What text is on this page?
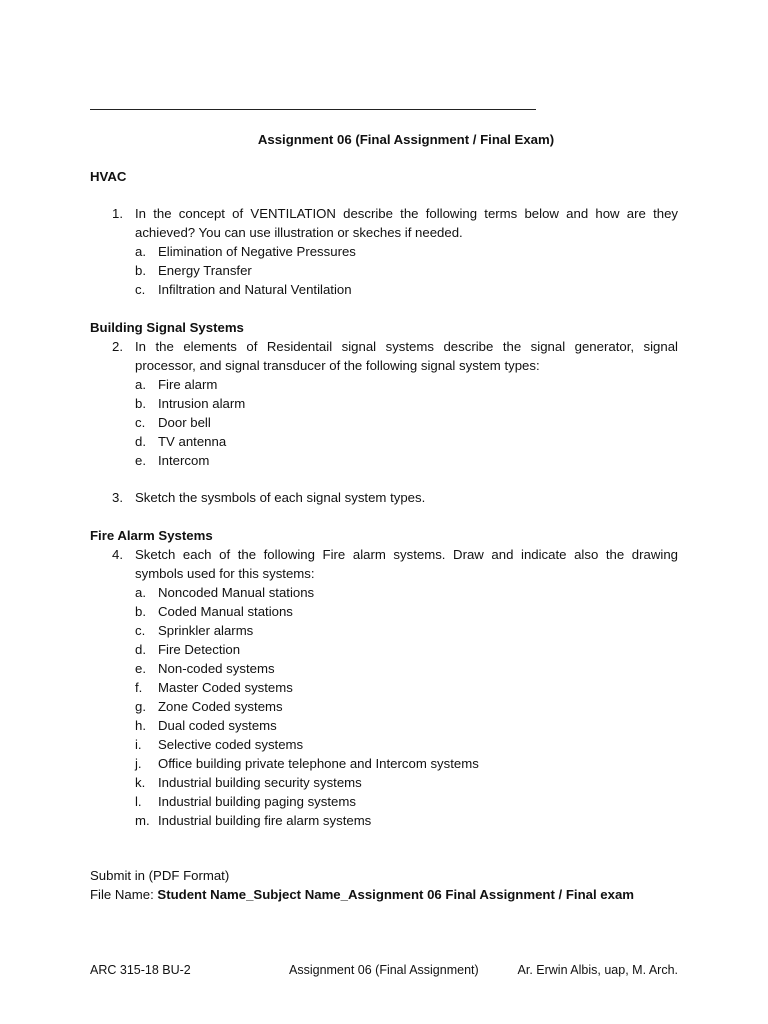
Assignment 06 (Final Assignment / Final Exam)
HVAC
1. In the concept of VENTILATION describe the following terms below and how are they achieved? You can use illustration or skeches if needed.
a. Elimination of Negative Pressures
b. Energy Transfer
c. Infiltration and Natural Ventilation
Building Signal Systems
2. In the elements of Residentail signal systems describe the signal generator, signal processor, and signal transducer of the following signal system types:
a. Fire alarm
b. Intrusion alarm
c. Door bell
d. TV antenna
e. Intercom
3. Sketch the sysmbols of each signal system types.
Fire Alarm Systems
4. Sketch each of the following Fire alarm systems. Draw and indicate also the drawing symbols used for this systems:
a. Noncoded Manual stations
b. Coded Manual stations
c. Sprinkler alarms
d. Fire Detection
e. Non-coded systems
f. Master Coded systems
g. Zone Coded systems
h. Dual coded systems
i. Selective coded systems
j. Office building private telephone and Intercom systems
k. Industrial building security systems
l. Industrial building paging systems
m. Industrial building fire alarm systems
Submit in (PDF Format)
File Name: Student Name_Subject Name_Assignment 06 Final Assignment / Final exam
ARC 315-18 BU-2	Assignment 06 (Final Assignment)	Ar. Erwin Albis, uap, M. Arch.
